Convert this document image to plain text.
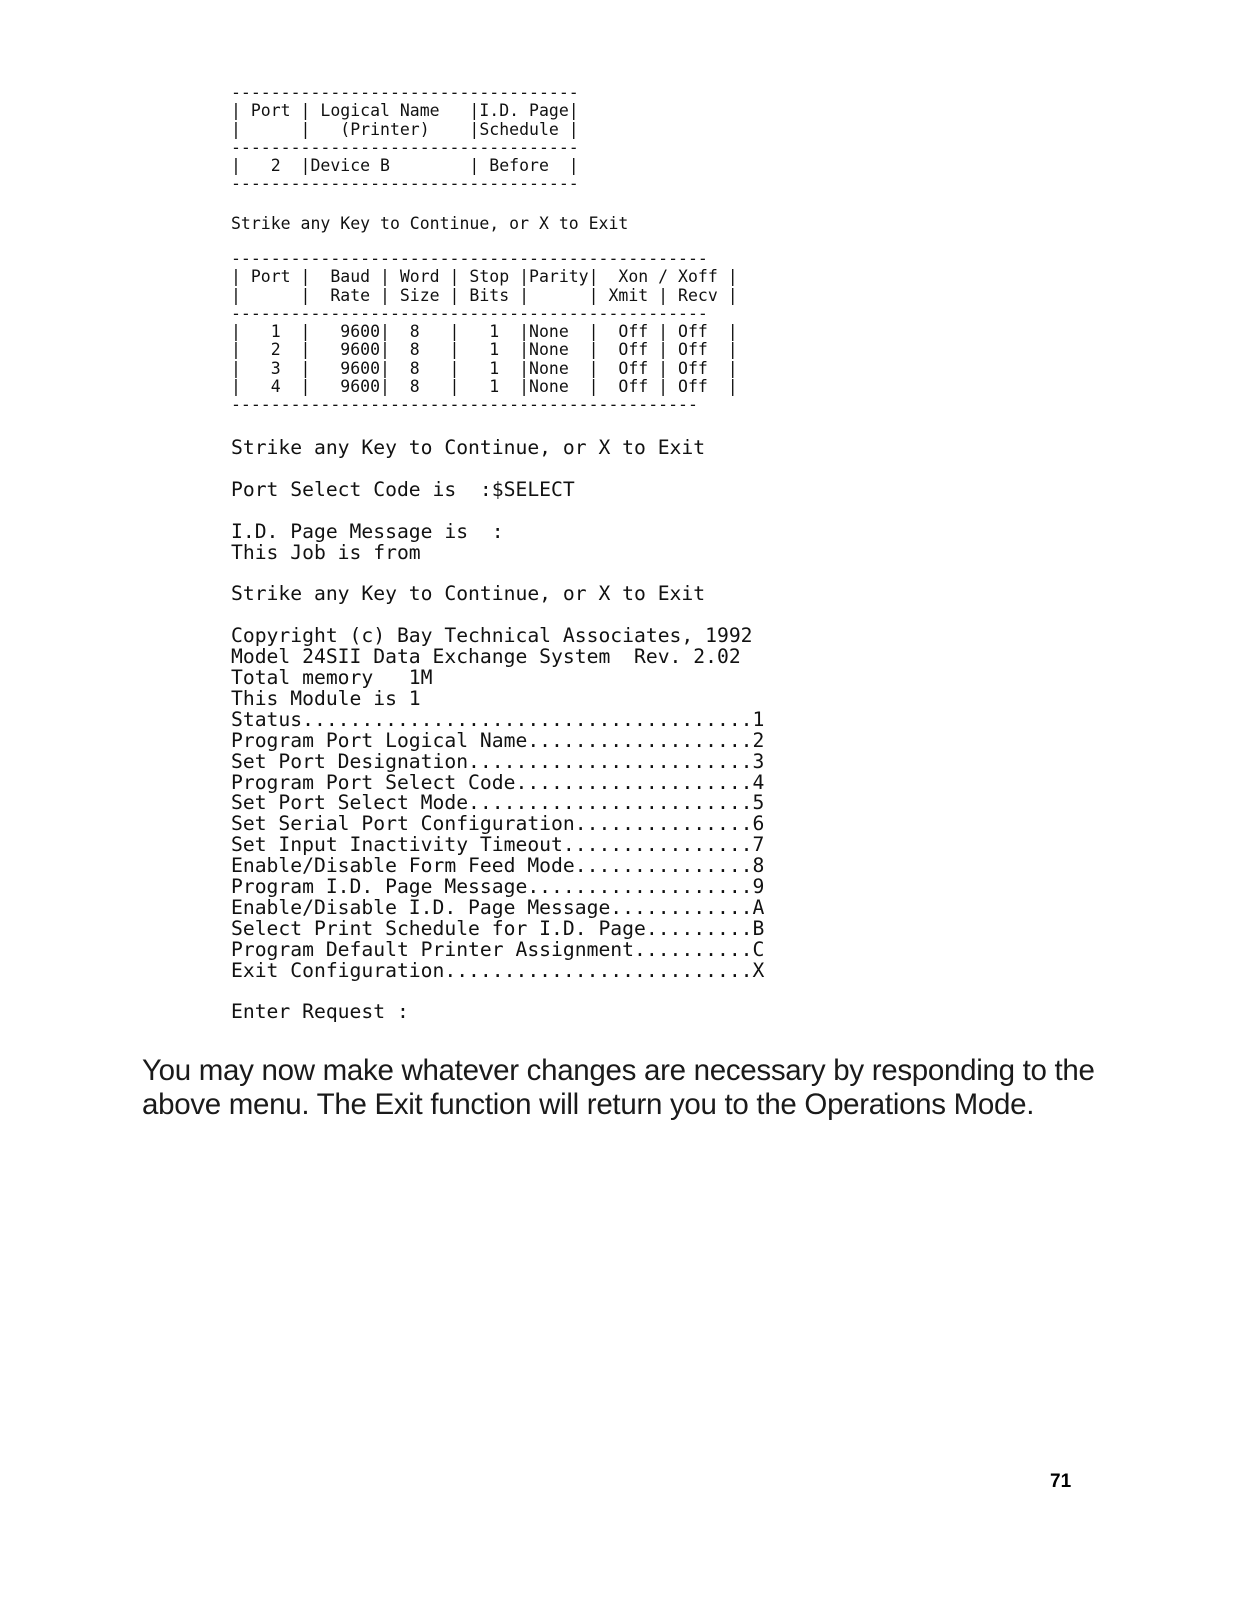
-----------------------------------
| Port | Logical Name   |I.D. Page|
|      |   (Printer)    |Schedule |
-----------------------------------
|   2  |Device B        | Before  |
-----------------------------------
Strike any Key to Continue, or X to Exit
------------------------------------------------
| Port |  Baud | Word | Stop |Parity|  Xon / Xoff |
|      |  Rate | Size | Bits |      | Xmit | Recv |
------------------------------------------------
|   1  |   9600|  8   |   1  |None  |  Off | Off  |
|   2  |   9600|  8   |   1  |None  |  Off | Off  |
|   3  |   9600|  8   |   1  |None  |  Off | Off  |
|   4  |   9600|  8   |   1  |None  |  Off | Off  |
-----------------------------------------------
Strike any Key to Continue, or X to Exit

Port Select Code is  :$SELECT

I.D. Page Message is  :
This Job is from

Strike any Key to Continue, or X to Exit

Copyright (c) Bay Technical Associates, 1992
Model 24SII Data Exchange System  Rev. 2.02
Total memory   1M
This Module is 1
Status......................................1
Program Port Logical Name...................2
Set Port Designation........................3
Program Port Select Code....................4
Set Port Select Mode........................5
Set Serial Port Configuration...............6
Set Input Inactivity Timeout................7
Enable/Disable Form Feed Mode...............8
Program I.D. Page Message...................9
Enable/Disable I.D. Page Message............A
Select Print Schedule for I.D. Page.........B
Program Default Printer Assignment..........C
Exit Configuration..........................X

Enter Request :

You may now make whatever changes are necessary by responding to the above menu. The Exit function will return you to the Operations Mode.

71
